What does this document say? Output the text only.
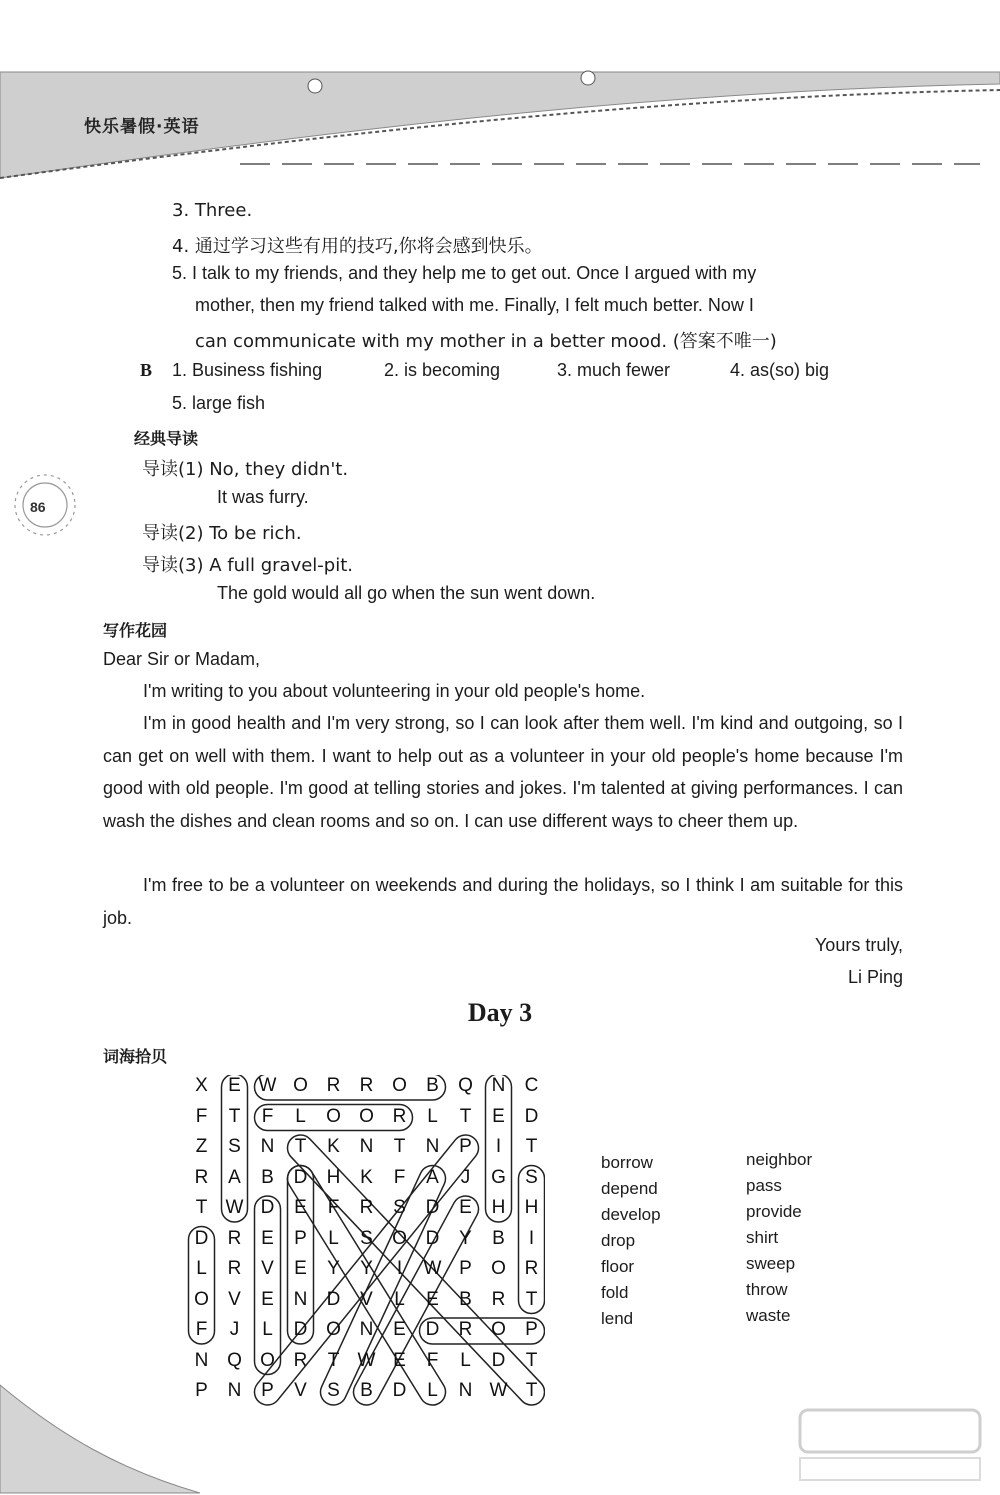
快乐暑假·英语
86
3. Three.
4. 通过学习这些有用的技巧,你将会感到快乐。
5. I talk to my friends, and they help me to get out. Once I argued with my
mother, then my friend talked with me. Finally, I felt much better. Now I
can communicate with my mother in a better mood. (答案不唯一)
B 1. Business fishing	2. is becoming	3. much fewer	4. as(so) big
5. large fish
经典导读
导读(1) No, they didn't.
It was furry.
导读(2) To be rich.
导读(3) A full gravel-pit.
The gold would all go when the sun went down.
写作花园
Dear Sir or Madam,
I'm writing to you about volunteering in your old people's home.
I'm in good health and I'm very strong, so I can look after them well. I'm kind and outgoing, so I can get on well with them. I want to help out as a volunteer in your old people's home because I'm good with old people. I'm good at telling stories and jokes. I'm talented at giving performances. I can wash the dishes and clean rooms and so on. I can use different ways to cheer them up.
I'm free to be a volunteer on weekends and during the holidays, so I think I am suitable for this job.
Yours truly,
Li Ping
Day 3
词海拾贝
X	E W O R	R O	B	Q N	C
F	T	F	L	O O R	L	T	E	D
Z	S	N	T	K	N	T	N	P	I	T
R	A	B	D	H	K	F	A	J	G	S
T W D	E	F	R	S	D	E	H	H
D	R	E	P	L	S	O D	Y	B	I
L	R	V	E	Y	Y	I	W P	O R
O	V	E	N	D	V	L	E	B	R	T
F	J	L	D O N	E	D	R O	P
N Q O R	T W E	F	L	D	T
P	N	P	V	S	B	D	L	N W T
borrow
depend
develop
drop
floor
fold
lend
neighbor
pass
provide
shirt
sweep
throw
waste
